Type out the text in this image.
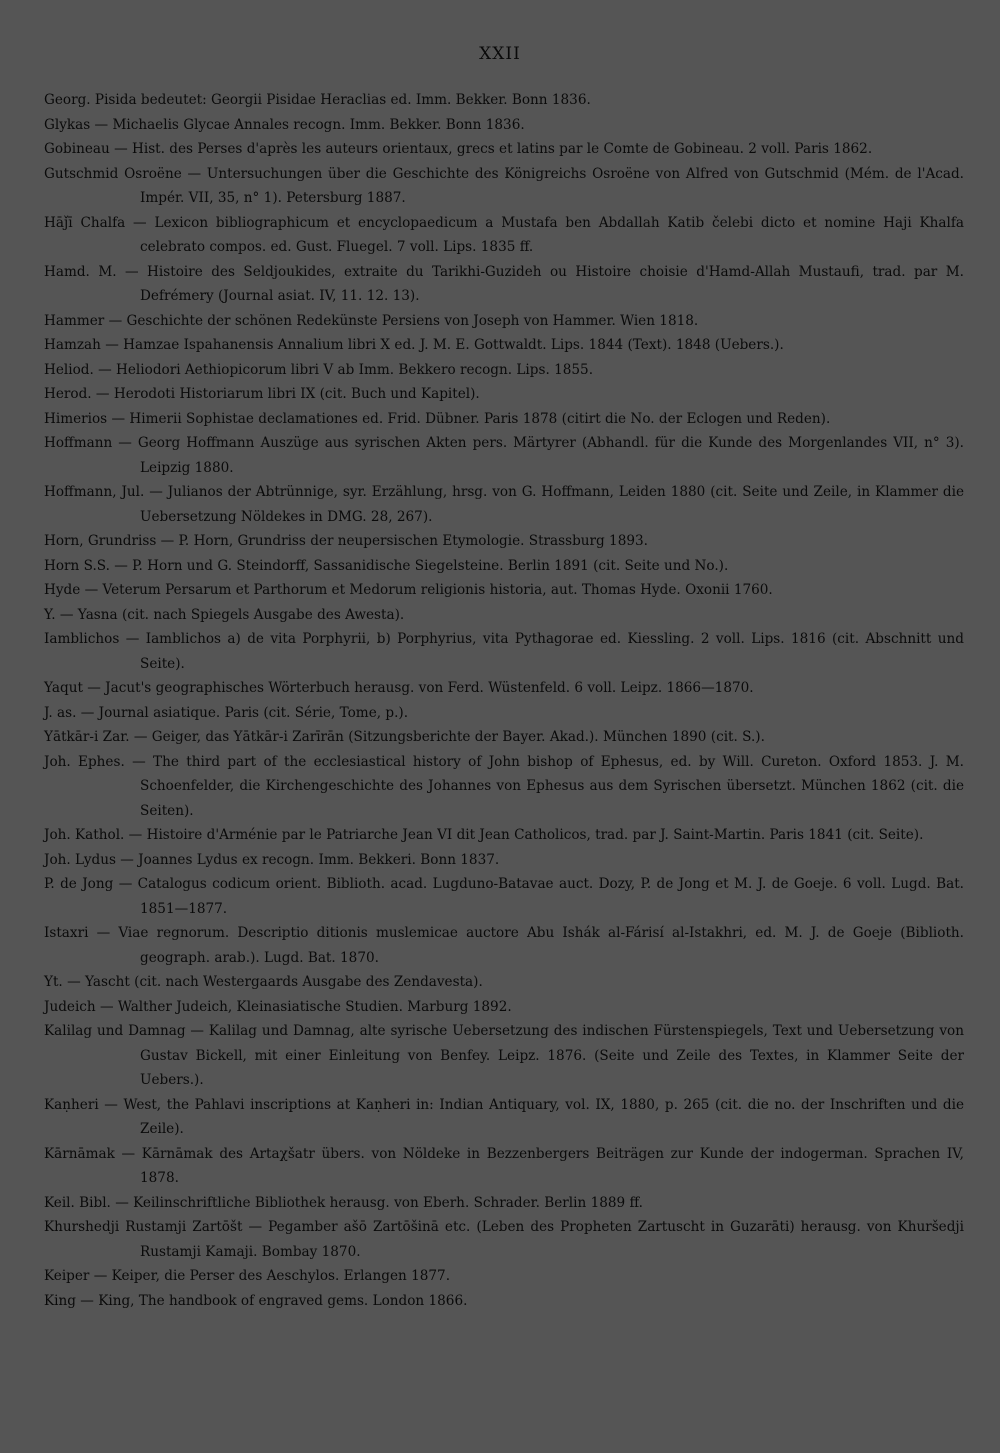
XXII
Georg. Pisida bedeutet: Georgii Pisidae Heraclias ed. Imm. Bekker. Bonn 1836.
Glykas — Michaelis Glycae Annales recogn. Imm. Bekker. Bonn 1836.
Gobineau — Hist. des Perses d'après les auteurs orientaux, grecs et latins par le Comte de Gobineau. 2 voll. Paris 1862.
Gutschmid Osroëne — Untersuchungen über die Geschichte des Königreichs Osroëne von Alfred von Gutschmid (Mém. de l'Acad. Impér. VII, 35, n° 1). Petersburg 1887.
Hāǰī Chalfa — Lexicon bibliographicum et encyclopaedicum a Mustafa ben Abdallah Katib čelebi dicto et nomine Haji Khalfa celebrato compos. ed. Gust. Fluegel. 7 voll. Lips. 1835 ff.
Hamd. M. — Histoire des Seldjoukides, extraite du Tarikhi-Guzideh ou Histoire choisie d'Hamd-Allah Mustaufi, trad. par M. Defrémery (Journal asiat. IV, 11. 12. 13).
Hammer — Geschichte der schönen Redekünste Persiens von Joseph von Hammer. Wien 1818.
Hamzah — Hamzae Ispahanensis Annalium libri X ed. J. M. E. Gottwaldt. Lips. 1844 (Text). 1848 (Uebers.).
Heliod. — Heliodori Aethiopicorum libri V ab Imm. Bekkero recogn. Lips. 1855.
Herod. — Herodoti Historiarum libri IX (cit. Buch und Kapitel).
Himerios — Himerii Sophistae declamationes ed. Frid. Dübner. Paris 1878 (citirt die No. der Eclogen und Reden).
Hoffmann — Georg Hoffmann Auszüge aus syrischen Akten pers. Märtyrer (Abhandl. für die Kunde des Morgenlandes VII, n° 3). Leipzig 1880.
Hoffmann, Jul. — Julianos der Abtrünnige, syr. Erzählung, hrsg. von G. Hoffmann, Leiden 1880 (cit. Seite und Zeile, in Klammer die Uebersetzung Nöldekes in DMG. 28, 267).
Horn, Grundriss — P. Horn, Grundriss der neupersischen Etymologie. Strassburg 1893.
Horn S.S. — P. Horn und G. Steindorff, Sassanidische Siegelsteine. Berlin 1891 (cit. Seite und No.).
Hyde — Veterum Persarum et Parthorum et Medorum religionis historia, aut. Thomas Hyde. Oxonii 1760.
Y. — Yasna (cit. nach Spiegels Ausgabe des Awesta).
Iamblichos — Iamblichos a) de vita Porphyrii, b) Porphyrius, vita Pythagorae ed. Kiessling. 2 voll. Lips. 1816 (cit. Abschnitt und Seite).
Yaqut — Jacut's geographisches Wörterbuch herausg. von Ferd. Wüstenfeld. 6 voll. Leipz. 1866—1870.
J. as. — Journal asiatique. Paris (cit. Série, Tome, p.).
Yātkār-i Zar. — Geiger, das Yātkār-i Zarīrān (Sitzungsberichte der Bayer. Akad.). München 1890 (cit. S.).
Joh. Ephes. — The third part of the ecclesiastical history of John bishop of Ephesus, ed. by Will. Cureton. Oxford 1853. J. M. Schoenfelder, die Kirchengeschichte des Johannes von Ephesus aus dem Syrischen übersetzt. München 1862 (cit. die Seiten).
Joh. Kathol. — Histoire d'Arménie par le Patriarche Jean VI dit Jean Catholicos, trad. par J. Saint-Martin. Paris 1841 (cit. Seite).
Joh. Lydus — Joannes Lydus ex recogn. Imm. Bekkeri. Bonn 1837.
P. de Jong — Catalogus codicum orient. Biblioth. acad. Lugduno-Batavae auct. Dozy, P. de Jong et M. J. de Goeje. 6 voll. Lugd. Bat. 1851—1877.
Istaxri — Viae regnorum. Descriptio ditionis muslemicae auctore Abu Ishák al-Fárisí al-Istakhri, ed. M. J. de Goeje (Biblioth. geograph. arab.). Lugd. Bat. 1870.
Yt. — Yascht (cit. nach Westergaards Ausgabe des Zendavesta).
Judeich — Walther Judeich, Kleinasiatische Studien. Marburg 1892.
Kalilag und Damnag — Kalilag und Damnag, alte syrische Uebersetzung des indischen Fürstenspiegels, Text und Uebersetzung von Gustav Bickell, mit einer Einleitung von Benfey. Leipz. 1876. (Seite und Zeile des Textes, in Klammer Seite der Uebers.).
Kaṇheri — West, the Pahlavi inscriptions at Kaṇheri in: Indian Antiquary, vol. IX, 1880, p. 265 (cit. die no. der Inschriften und die Zeile).
Kārnāmak — Kārnāmak des Artaχšatr übers. von Nöldeke in Bezzenbergers Beiträgen zur Kunde der indogerman. Sprachen IV, 1878.
Keil. Bibl. — Keilinschriftliche Bibliothek herausg. von Eberh. Schrader. Berlin 1889 ff.
Khurshedji Rustamji Zartōšt — Pegamber ašō Zartōšinā etc. (Leben des Propheten Zartuscht in Guzarāti) herausg. von Khuršedji Rustamji Kamaji. Bombay 1870.
Keiper — Keiper, die Perser des Aeschylos. Erlangen 1877.
King — King, The handbook of engraved gems. London 1866.
